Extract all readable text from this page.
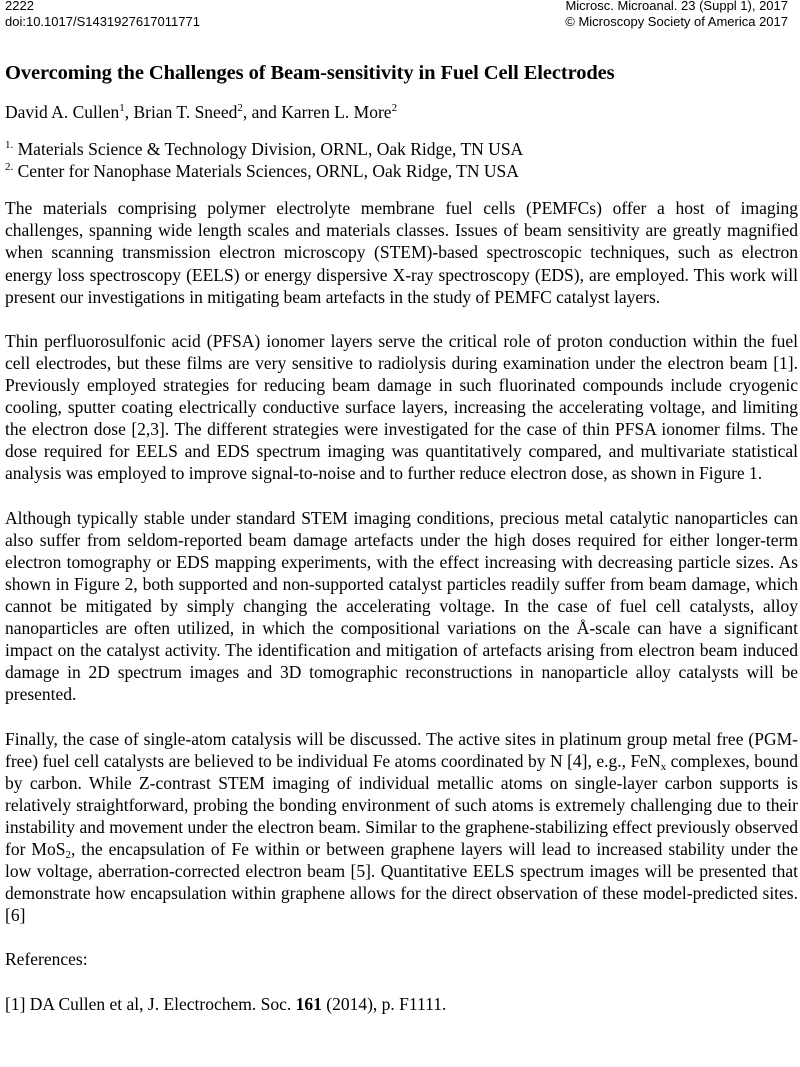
2222
doi:10.1017/S1431927617011771
Microsc. Microanal. 23 (Suppl 1), 2017
© Microscopy Society of America 2017
Overcoming the Challenges of Beam-sensitivity in Fuel Cell Electrodes
David A. Cullen$^1$, Brian T. Sneed$^2$, and Karren L. More$^2$
$^{1.}$ Materials Science & Technology Division, ORNL, Oak Ridge, TN USA
$^{2.}$ Center for Nanophase Materials Sciences, ORNL, Oak Ridge, TN USA

The materials comprising polymer electrolyte membrane fuel cells (PEMFCs) offer a host of imaging challenges, spanning wide length scales and materials classes. Issues of beam sensitivity are greatly magnified when scanning transmission electron microscopy (STEM)-based spectroscopic techniques, such as electron energy loss spectroscopy (EELS) or energy dispersive X-ray spectroscopy (EDS), are employed. This work will present our investigations in mitigating beam artefacts in the study of PEMFC catalyst layers.

Thin perfluorosulfonic acid (PFSA) ionomer layers serve the critical role of proton conduction within the fuel cell electrodes, but these films are very sensitive to radiolysis during examination under the electron beam [1]. Previously employed strategies for reducing beam damage in such fluorinated compounds include cryogenic cooling, sputter coating electrically conductive surface layers, increasing the accelerating voltage, and limiting the electron dose [2,3]. The different strategies were investigated for the case of thin PFSA ionomer films. The dose required for EELS and EDS spectrum imaging was quantitatively compared, and multivariate statistical analysis was employed to improve signal-to-noise and to further reduce electron dose, as shown in Figure 1.

Although typically stable under standard STEM imaging conditions, precious metal catalytic nanoparticles can also suffer from seldom-reported beam damage artefacts under the high doses required for either longer-term electron tomography or EDS mapping experiments, with the effect increasing with decreasing particle sizes. As shown in Figure 2, both supported and non-supported catalyst particles readily suffer from beam damage, which cannot be mitigated by simply changing the accelerating voltage. In the case of fuel cell catalysts, alloy nanoparticles are often utilized, in which the compositional variations on the Å-scale can have a significant impact on the catalyst activity. The identification and mitigation of artefacts arising from electron beam induced damage in 2D spectrum images and 3D tomographic reconstructions in nanoparticle alloy catalysts will be presented.

Finally, the case of single-atom catalysis will be discussed. The active sites in platinum group metal free (PGM-free) fuel cell catalysts are believed to be individual Fe atoms coordinated by N [4], e.g., FeN$_x$ complexes, bound by carbon. While Z-contrast STEM imaging of individual metallic atoms on single-layer carbon supports is relatively straightforward, probing the bonding environment of such atoms is extremely challenging due to their instability and movement under the electron beam. Similar to the graphene-stabilizing effect previously observed for MoS$_2$, the encapsulation of Fe within or between graphene layers will lead to increased stability under the low voltage, aberration-corrected electron beam [5]. Quantitative EELS spectrum images will be presented that demonstrate how encapsulation within graphene allows for the direct observation of these model-predicted sites.[6]

References:
[1] DA Cullen et al, J. Electrochem. Soc. 161 (2014), p. F1111.
